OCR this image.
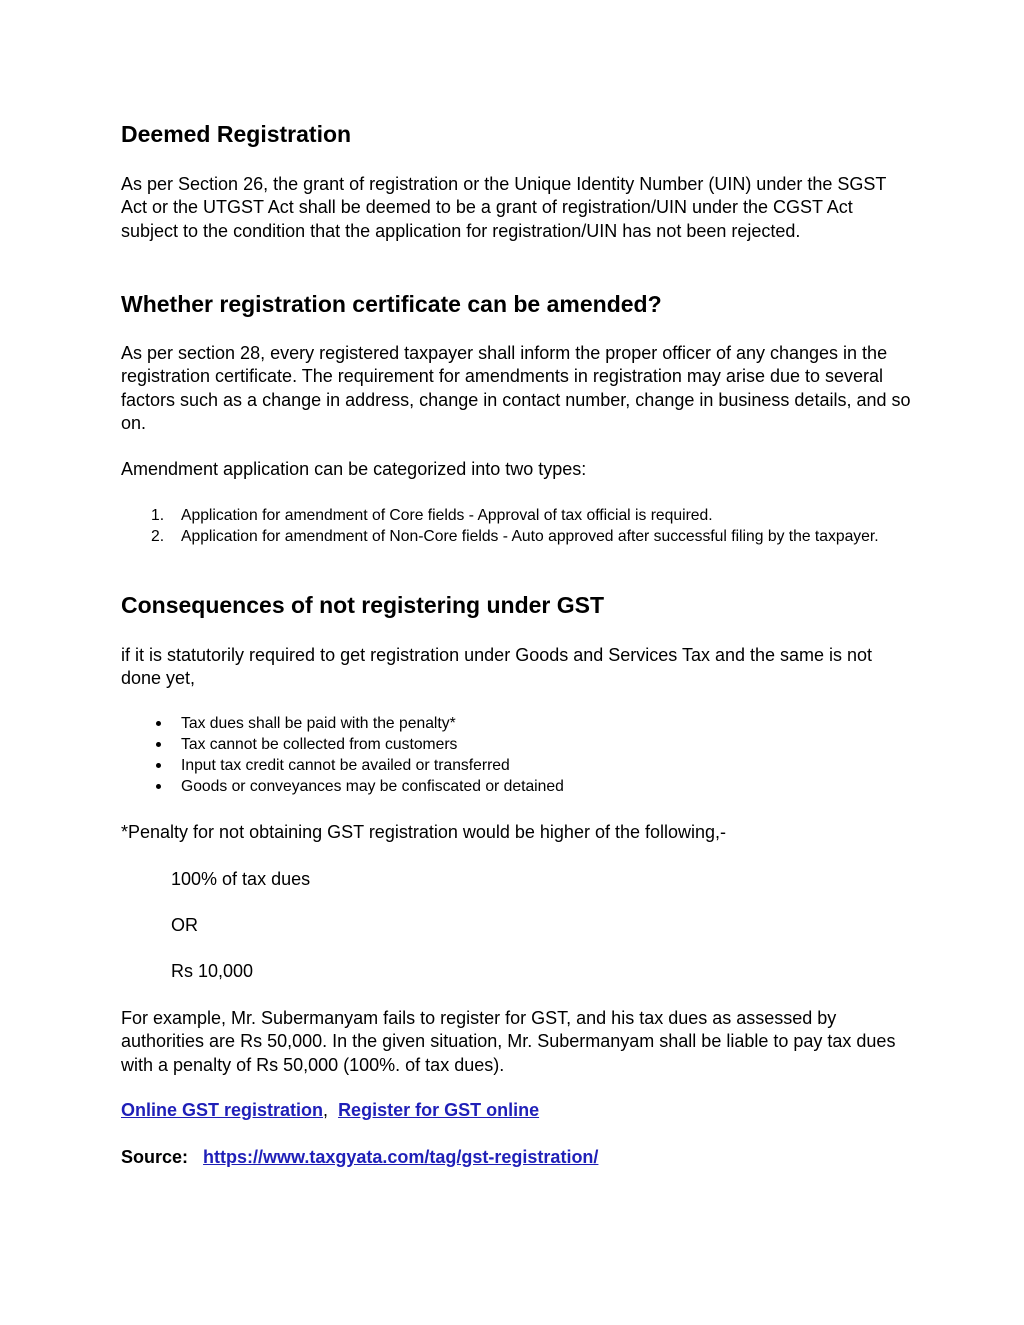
Deemed Registration
As per Section 26, the grant of registration or the Unique Identity Number (UIN) under the SGST Act or the UTGST Act shall be deemed to be a grant of registration/UIN under the CGST Act subject to the condition that the application for registration/UIN has not been rejected.
Whether registration certificate can be amended?
As per section 28, every registered taxpayer shall inform the proper officer of any changes in the registration certificate. The requirement for amendments in registration may arise due to several factors such as a change in address, change in contact number, change in business details, and so on.
Amendment application can be categorized into two types:
1. Application for amendment of Core fields - Approval of tax official is required.
2. Application for amendment of Non-Core fields - Auto approved after successful filing by the taxpayer.
Consequences of not registering under GST
if it is statutorily required to get registration under Goods and Services Tax and the same is not done yet,
Tax dues shall be paid with the penalty*
Tax cannot be collected from customers
Input tax credit cannot be availed or transferred
Goods or conveyances may be confiscated or detained
*Penalty for not obtaining GST registration would be higher of the following,-
100% of tax dues
OR
Rs 10,000
For example, Mr. Subermanyam fails to register for GST, and his tax dues as assessed by authorities are Rs 50,000. In the given situation, Mr. Subermanyam shall be liable to pay tax dues with a penalty of Rs 50,000 (100%. of tax dues).
Online GST registration, Register for GST online
Source: https://www.taxgyata.com/tag/gst-registration/
